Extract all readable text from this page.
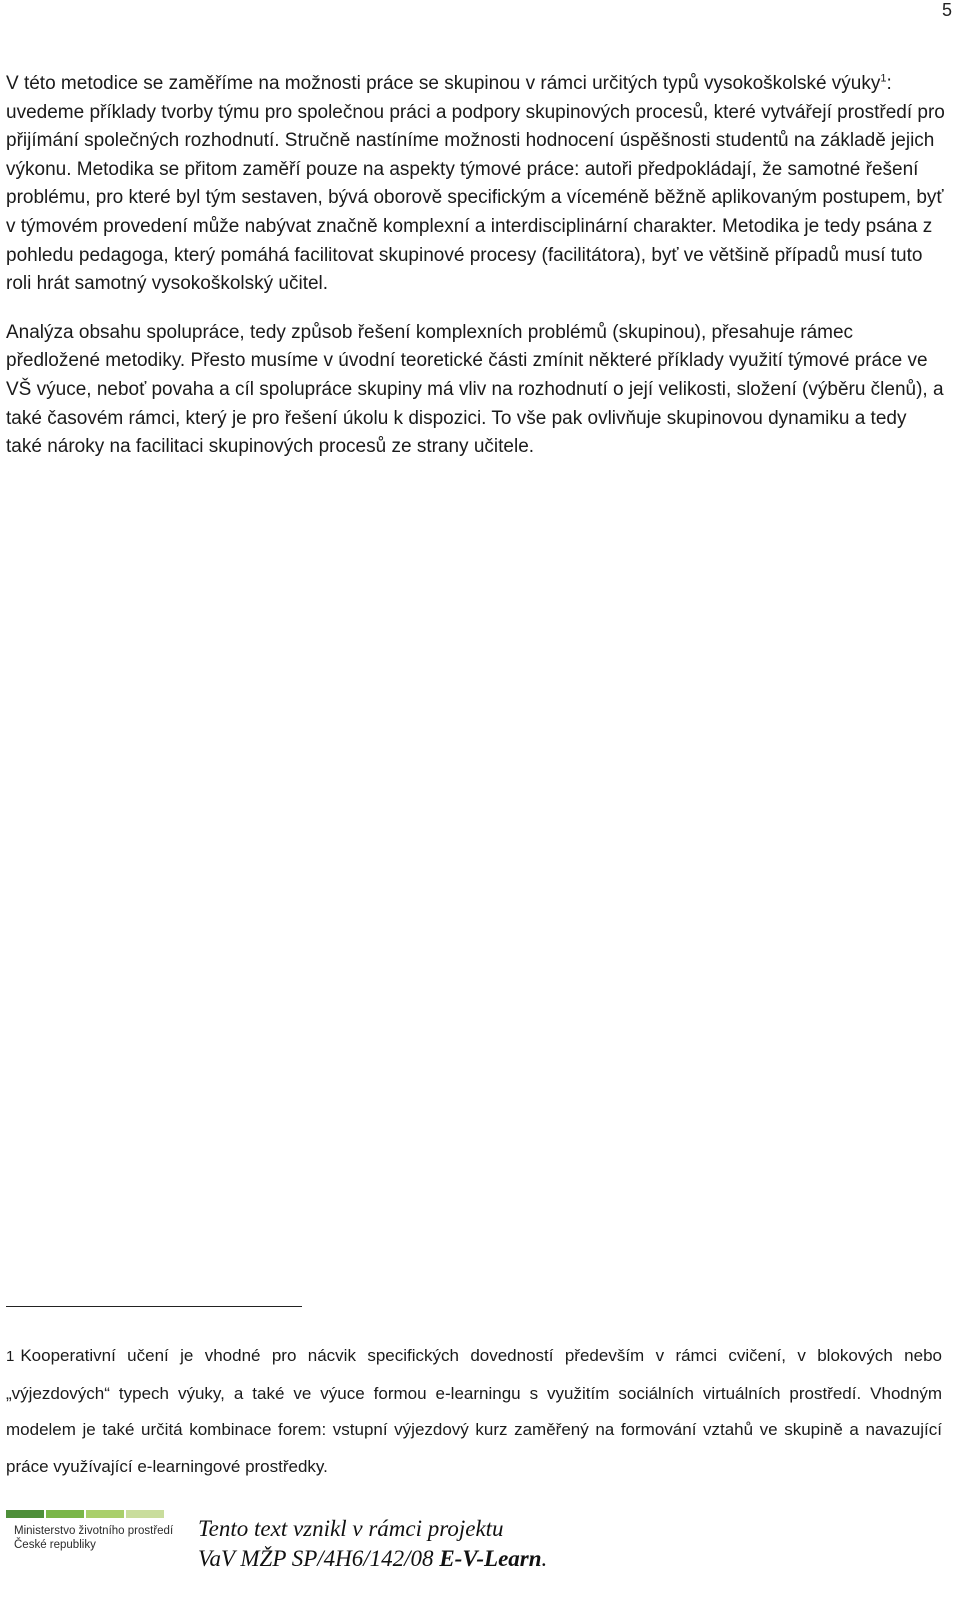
5

V této metodice se zaměříme na možnosti práce se skupinou v rámci určitých typů vysokoškolské výuky$^1$: uvedeme příklady tvorby týmu pro společnou práci a podpory skupinových procesů, které vytvářejí prostředí pro přijímání společných rozhodnutí. Stručně nastíníme možnosti hodnocení úspěšnosti studentů na základě jejich výkonu. Metodika se přitom zaměří pouze na aspekty týmové práce: autoři předpokládají, že samotné řešení problému, pro které byl tým sestaven, bývá oborově specifickým a víceméně běžně aplikovaným postupem, byť v týmovém provedení může nabývat značně komplexní a interdisciplinární charakter. Metodika je tedy psána z pohledu pedagoga, který pomáhá facilitovat skupinové procesy (facilitátora), byť ve většině případů musí tuto roli hrát samotný vysokoškolský učitel.

Analýza obsahu spolupráce, tedy způsob řešení komplexních problémů (skupinou), přesahuje rámec předložené metodiky. Přesto musíme v úvodní teoretické části zmínit některé příklady využití týmové práce ve VŠ výuce, neboť povaha a cíl spolupráce skupiny má vliv na rozhodnutí o její velikosti, složení (výběru členů), a také časovém rámci, který je pro řešení úkolu k dispozici. To vše pak ovlivňuje skupinovou dynamiku a tedy také nároky na facilitaci skupinových procesů ze strany učitele.

1 Kooperativní učení je vhodné pro nácvik specifických dovedností především v rámci cvičení, v blokových nebo „výjezdových“ typech výuky, a také ve výuce formou e-learningu s využitím sociálních virtuálních prostředí. Vhodným modelem je také určitá kombinace forem: vstupní výjezdový kurz zaměřený na formování vztahů ve skupině a navazující práce využívající e-learningové prostředky.

Ministerstvo životního prostředí
České republiky
Tento text vznikl v rámci projektu
VaV MŽP SP/4H6/142/08 E-V-Learn.
